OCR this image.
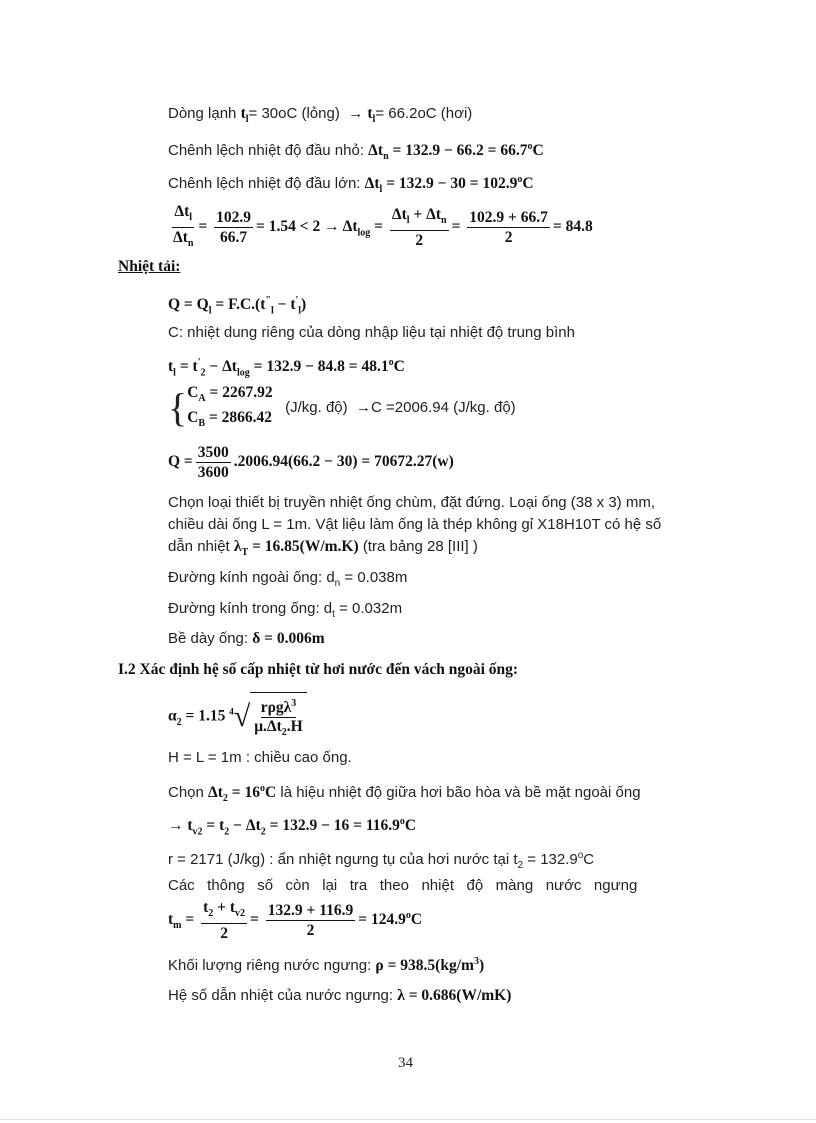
Dòng lạnh $t_l= 30oC$ (lỏng) → $t_l= 66.2oC$ (hơi)
Chênh lệch nhiệt độ đầu nhỏ: $\Delta t_n = 132.9 - 66.2 = 66.7^oC$
Chênh lệch nhiệt độ đầu lớn: $\Delta t_l = 132.9 - 30 = 102.9^oC$
$\frac{\Delta t_l}{\Delta t_n} = \frac{102.9}{66.7} = 1.54 < 2 \to \Delta t_{log} = \frac{\Delta t_l + \Delta t_n}{2} = \frac{102.9 + 66.7}{2} = 84.8$
Nhiệt tải:
$Q = Q_l = F.C.(t^"_l - t'_l)$
C: nhiệt dung riêng của dòng nhập liệu tại nhiệt độ trung bình
$t_l = t'_2 - \Delta t_{log} = 132.9 - 84.8 = 48.1^oC$
{ $C_A = 2267.92$
$C_B = 2866.42$
(J/kg. độ) →C =2006.94 (J/kg. độ)
$Q = \frac{3500}{3600} .2006.94(66.2 - 30) = 70672.27(w)$
Chọn loại thiết bị truyền nhiệt ống chùm, đặt đứng. Loại ống (38 x 3) mm,
chiều dài ống L = 1m. Vật liệu làm ống là thép không gỉ X18H10T có hệ số
dẫn nhiệt $\lambda_T = 16.85(W/m.K)$ (tra bảng 28 [III] )
Đường kính ngoài ống: $d_n = 0.038m$
Đường kính trong ống: $d_t = 0.032m$
Bề dày ống: δ = 0.006m
I.2 Xác định hệ số cấp nhiệt từ hơi nước đến vách ngoài ống:
$\alpha_2 = 1.15$ $^4$√ rρgλ$^3$
$\mu.\Delta t_2.H$
H = L = 1m : chiều cao ống.
Chọn $\Delta t_2 = 16^oC$ là hiệu nhiệt độ giữa hơi bão hòa và bề mặt ngoài ống
→ $t_{v2} = t_2 - \Delta t_2 = 132.9 - 16 = 116.9^oC$
r = 2171 (J/kg) : ẩn nhiệt ngưng tụ của hơi nước tại $t_2 = 132.9^oC$
Các   thông   số   còn   lại   tra   theo   nhiệt   độ   màng   nước   ngưng
$t_m = \frac{t_2 + t_{v2}}{2} = \frac{132.9 + 116.9}{2} = 124.9^oC$
Khối lượng riêng nước ngưng: $\rho = 938.5(kg/m^3)$
Hệ số dẫn nhiệt của nước ngưng: λ = 0.686(W/mK)
34
